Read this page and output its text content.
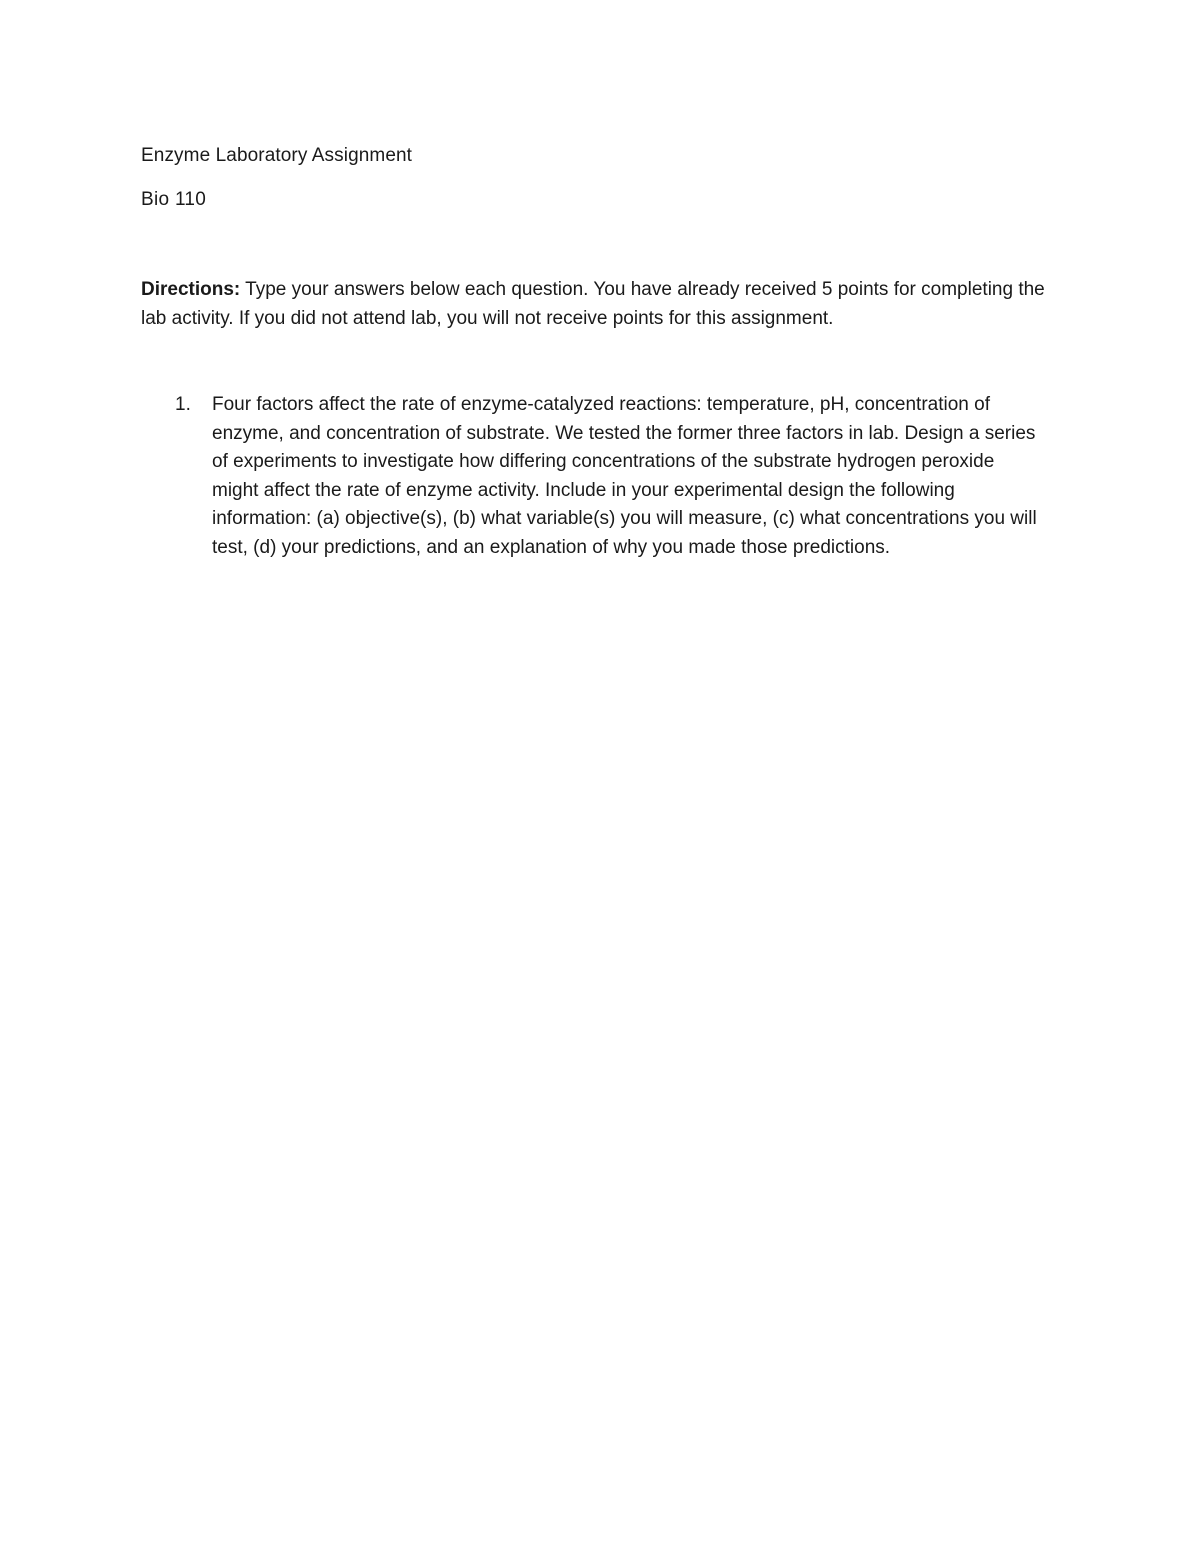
Enzyme Laboratory Assignment

Bio 110

Directions: Type your answers below each question. You have already received 5 points for completing the lab activity. If you did not attend lab, you will not receive points for this assignment.

1. Four factors affect the rate of enzyme-catalyzed reactions: temperature, pH, concentration of enzyme, and concentration of substrate. We tested the former three factors in lab. Design a series of experiments to investigate how differing concentrations of the substrate hydrogen peroxide might affect the rate of enzyme activity. Include in your experimental design the following information: (a) objective(s), (b) what variable(s) you will measure, (c) what concentrations you will test, (d) your predictions, and an explanation of why you made those predictions.
